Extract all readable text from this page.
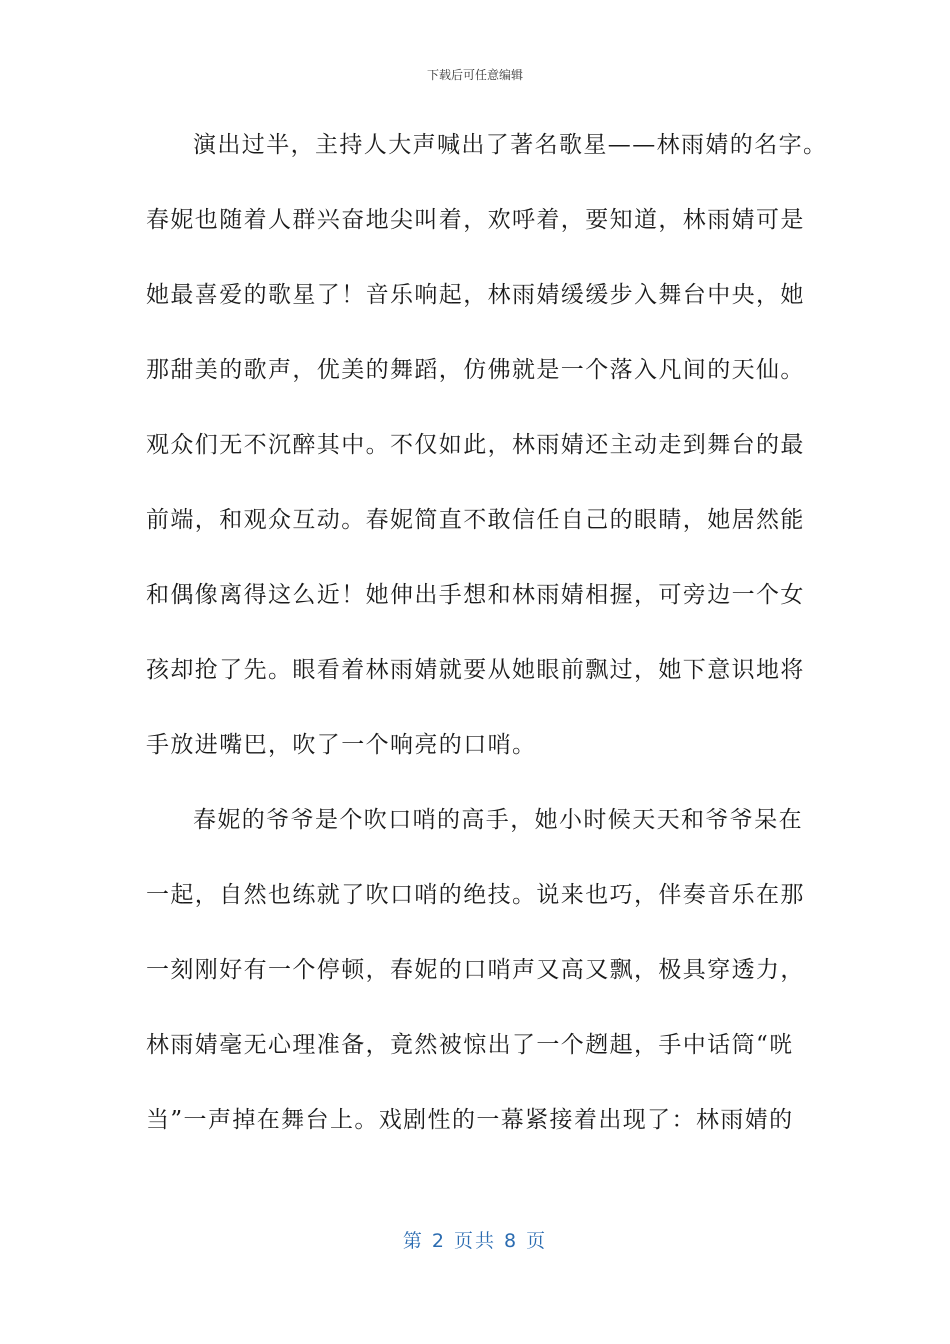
下载后可任意编辑
演出过半，主持人大声喊出了著名歌星——林雨婧的名字。
春妮也随着人群兴奋地尖叫着，欢呼着，要知道，林雨婧可是
她最喜爱的歌星了！音乐响起，林雨婧缓缓步入舞台中央，她
那甜美的歌声，优美的舞蹈，仿佛就是一个落入凡间的天仙。
观众们无不沉醉其中。不仅如此，林雨婧还主动走到舞台的最
前端，和观众互动。春妮简直不敢信任自己的眼睛，她居然能
和偶像离得这么近！她伸出手想和林雨婧相握，可旁边一个女
孩却抢了先。眼看着林雨婧就要从她眼前飘过，她下意识地将
手放进嘴巴，吹了一个响亮的口哨。
春妮的爷爷是个吹口哨的高手，她小时候天天和爷爷呆在
一起，自然也练就了吹口哨的绝技。说来也巧，伴奏音乐在那
一刻刚好有一个停顿，春妮的口哨声又高又飘，极具穿透力，
林雨婧毫无心理准备，竟然被惊出了一个趔趄，手中话筒“咣
当”一声掉在舞台上。戏剧性的一幕紧接着出现了：林雨婧的
第 2 页共 8 页
